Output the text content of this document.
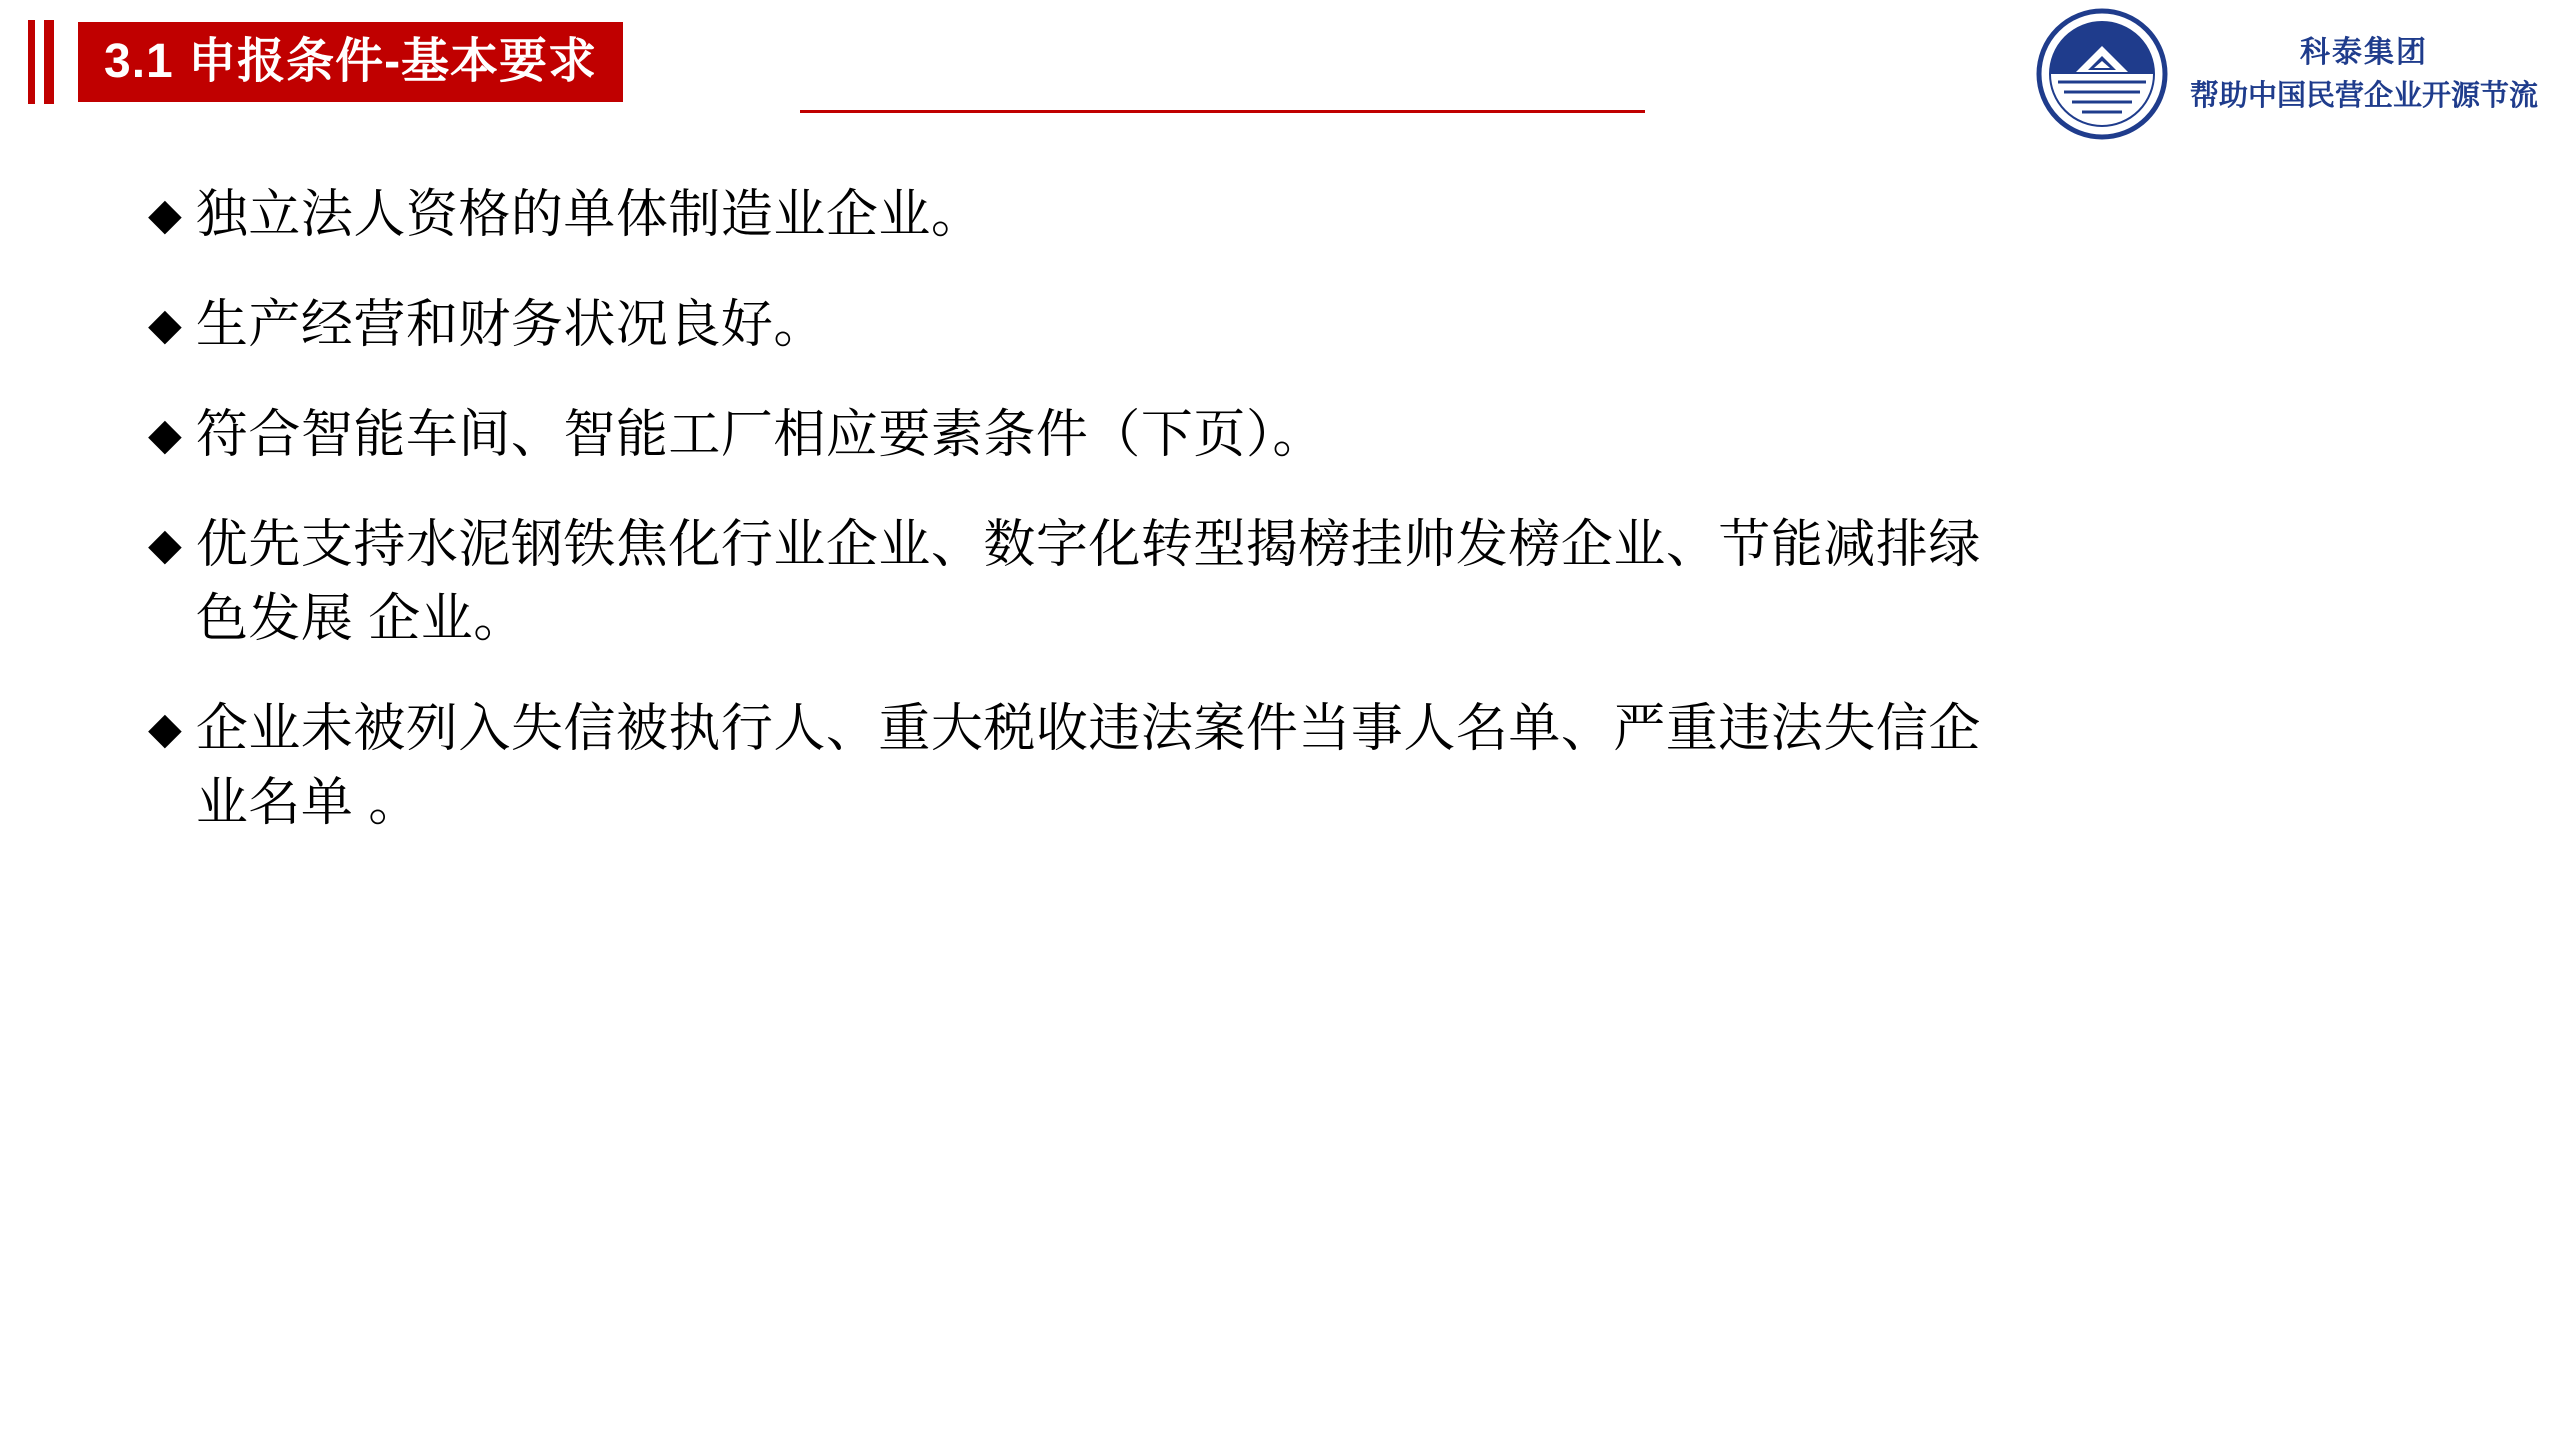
3.1 申报条件-基本要求	科泰集团
帮助中国民营企业开源节流
◆ 独立法人资格的单体制造业企业。
◆ 生产经营和财务状况良好。
◆ 符合智能车间、智能工厂相应要素条件（下页）。
◆ 优先支持水泥钢铁焦化行业企业、数字化转型揭榜挂帅发榜企业、节能减排绿
色发展 企业。
◆ 企业未被列入失信被执行人、重大税收违法案件当事人名单、严重违法失信企
业名单 。
